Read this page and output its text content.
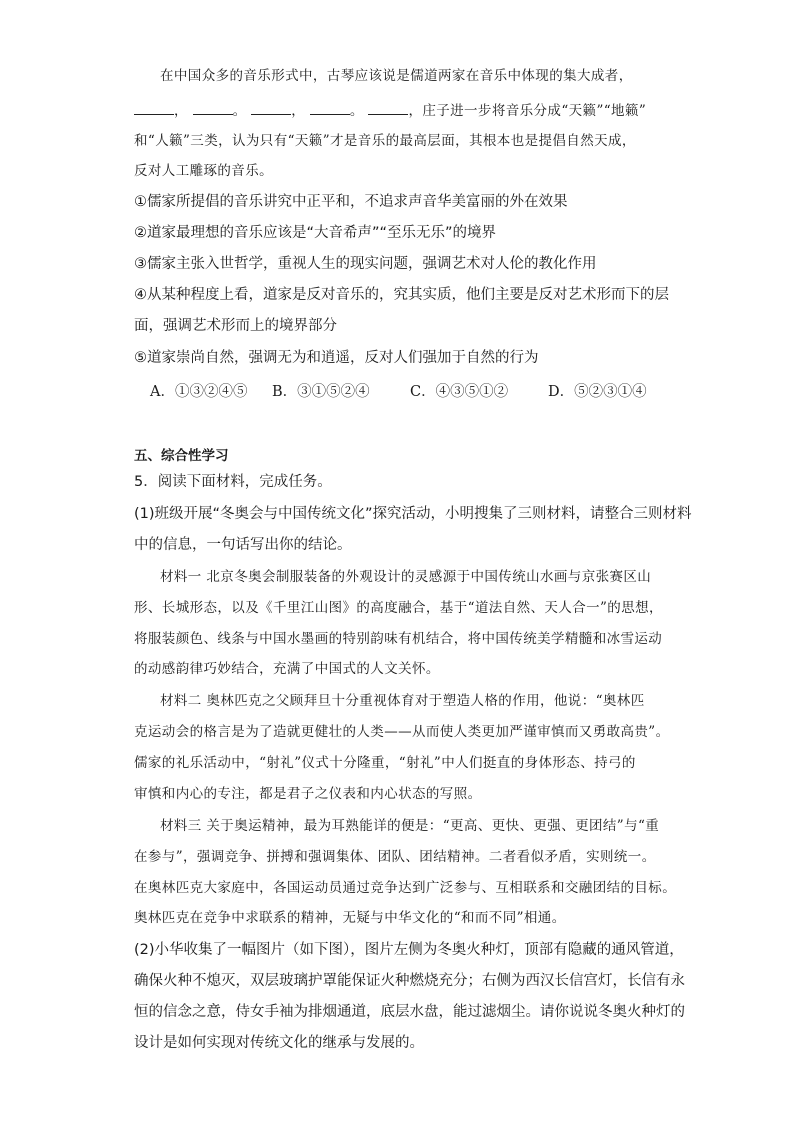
在中国众多的音乐形式中，古琴应该说是儒道两家在音乐中体现的集大成者，
，	。	，	。	，庄子进一步将音乐分成“天籁”“地籁”
和“人籁”三类，认为只有“天籁”才是音乐的最高层面，其根本也是提倡自然天成，
反对人工雕琢的音乐。
①儒家所提倡的音乐讲究中正平和，不追求声音华美富丽的外在效果
②道家最理想的音乐应该是“大音希声”“至乐无乐”的境界
③儒家主张入世哲学，重视人生的现实问题，强调艺术对人伦的教化作用
④从某种程度上看，道家是反对音乐的，究其实质，他们主要是反对艺术形而下的层
面，强调艺术形而上的境界部分
⑤道家崇尚自然，强调无为和逍遥，反对人们强加于自然的行为
A．①③②④⑤ B．③①⑤②④	C．④③⑤①②	D．⑤②③①④
五、综合性学习
5．阅读下面材料，完成任务。
(1)班级开展“冬奥会与中国传统文化”探究活动，小明搜集了三则材料，请整合三则材料
中的信息，一句话写出你的结论。
材料一 北京冬奥会制服装备的外观设计的灵感源于中国传统山水画与京张赛区山
形、长城形态，以及《千里江山图》的高度融合，基于“道法自然、天人合一”的思想，
将服装颜色、线条与中国水墨画的特别韵味有机结合，将中国传统美学精髓和冰雪运动
的动感韵律巧妙结合，充满了中国式的人文关怀。
材料二 奥林匹克之父顾拜旦十分重视体育对于塑造人格的作用，他说：“奥林匹
克运动会的格言是为了造就更健壮的人类——从而使人类更加严谨审慎而又勇敢高贵”。
儒家的礼乐活动中，“射礼”仪式十分隆重，“射礼”中人们挺直的身体形态、持弓的
审慎和内心的专注，都是君子之仪表和内心状态的写照。
材料三 关于奥运精神，最为耳熟能详的便是：“更高、更快、更强、更团结”与“重
在参与”，强调竞争、拼搏和强调集体、团队、团结精神。二者看似矛盾，实则统一。
在奥林匹克大家庭中，各国运动员通过竞争达到广泛参与、互相联系和交融团结的目标。
奥林匹克在竞争中求联系的精神，无疑与中华文化的“和而不同”相通。
(2)小华收集了一幅图片（如下图），图片左侧为冬奥火种灯，顶部有隐藏的通风管道，
确保火种不熄灭，双层玻璃护罩能保证火种燃烧充分；右侧为西汉长信宫灯，长信有永
恒的信念之意，侍女手袖为排烟通道，底层水盘，能过滤烟尘。请你说说冬奥火种灯的
设计是如何实现对传统文化的继承与发展的。
